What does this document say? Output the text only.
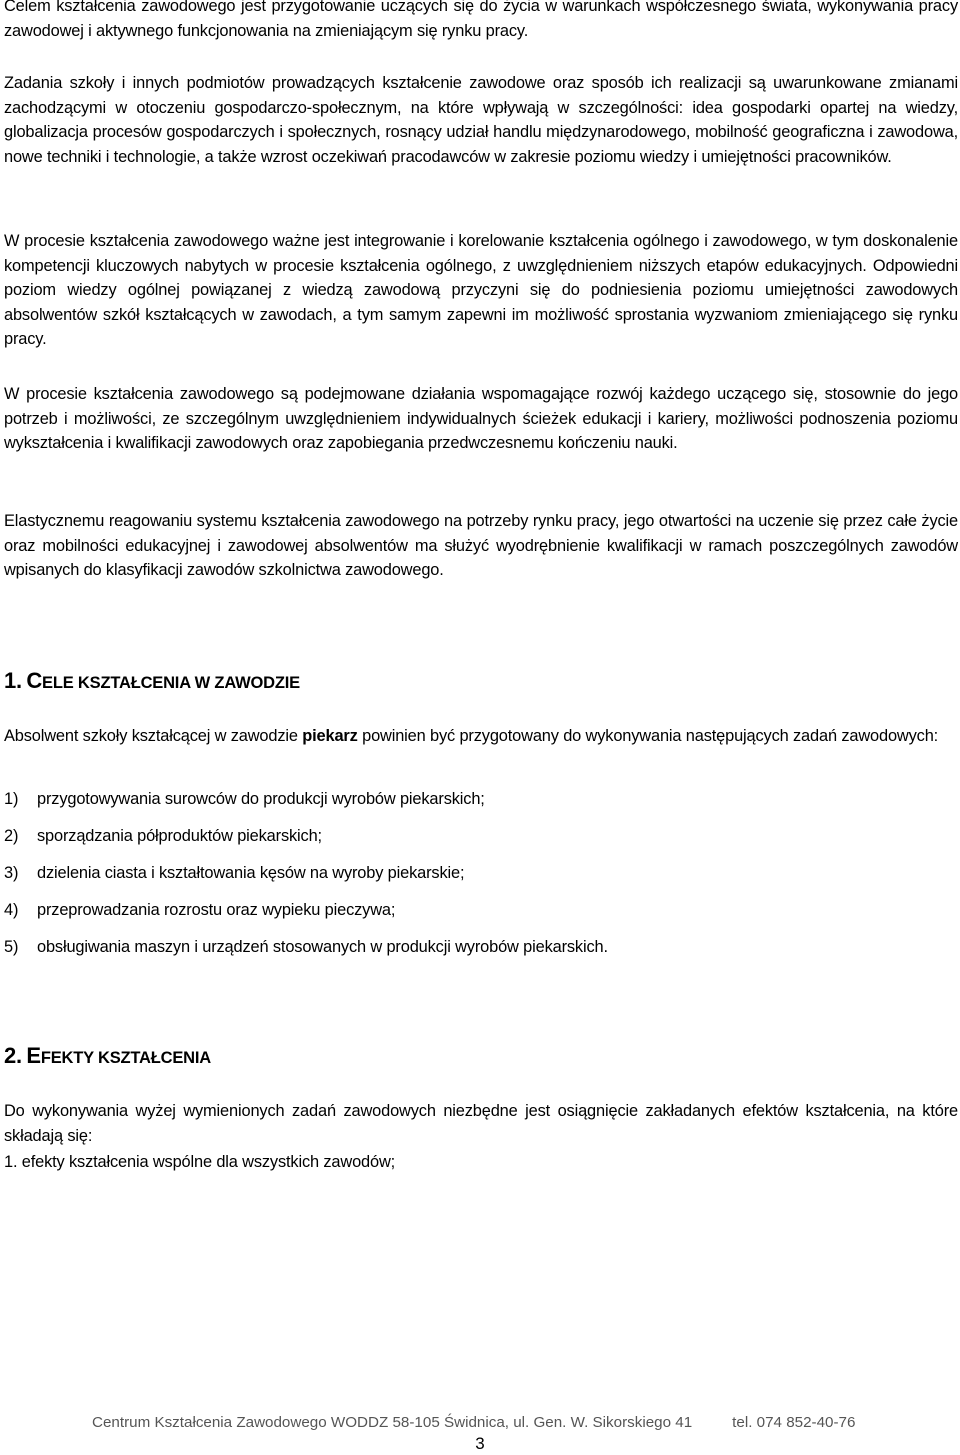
Celem kształcenia zawodowego jest przygotowanie uczących się do życia w warunkach współczesnego świata, wykonywania pracy zawodowej i aktywnego funkcjonowania na zmieniającym się rynku pracy.

Zadania szkoły i innych podmiotów prowadzących kształcenie zawodowe oraz sposób ich realizacji są uwarunkowane zmianami zachodzącymi w otoczeniu gospodarczo-społecznym, na które wpływają w szczególności: idea gospodarki opartej na wiedzy, globalizacja procesów gospodarczych i społecznych, rosnący udział handlu międzynarodowego, mobilność geograficzna i zawodowa, nowe techniki i technologie, a także wzrost oczekiwań pracodawców w zakresie poziomu wiedzy i umiejętności pracowników.

W procesie kształcenia zawodowego ważne jest integrowanie i korelowanie kształcenia ogólnego i zawodowego, w tym doskonalenie kompetencji kluczowych nabytych w procesie kształcenia ogólnego, z uwzględnieniem niższych etapów edukacyjnych. Odpowiedni poziom wiedzy ogólnej powiązanej z wiedzą zawodową przyczyni się do podniesienia poziomu umiejętności zawodowych absolwentów szkół kształcących w zawodach, a tym samym zapewni im możliwość sprostania wyzwaniom zmieniającego się rynku pracy.

W procesie kształcenia zawodowego są podejmowane działania wspomagające rozwój każdego uczącego się, stosownie do jego potrzeb i możliwości, ze szczególnym uwzględnieniem indywidualnych ścieżek edukacji i kariery, możliwości podnoszenia poziomu wykształcenia i kwalifikacji zawodowych oraz zapobiegania przedwczesnemu kończeniu nauki.

Elastycznemu reagowaniu systemu kształcenia zawodowego na potrzeby rynku pracy, jego otwartości na uczenie się przez całe życie oraz mobilności edukacyjnej i zawodowej absolwentów ma służyć wyodrębnienie kwalifikacji w ramach poszczególnych zawodów wpisanych do klasyfikacji zawodów szkolnictwa zawodowego.

1. CELE KSZTAŁCENIA W ZAWODZIE

Absolwent szkoły kształcącej w zawodzie piekarz powinien być przygotowany do wykonywania następujących zadań zawodowych:

1)	przygotowywania surowców do produkcji wyrobów piekarskich;
2)	sporządzania półproduktów piekarskich;
3)	dzielenia ciasta i kształtowania kęsów na wyroby piekarskie;
4)	przeprowadzania rozrostu oraz wypieku pieczywa;
5)	obsługiwania maszyn i urządzeń stosowanych w produkcji wyrobów piekarskich.
2. EFEKTY KSZTAŁCENIA

Do wykonywania wyżej wymienionych zadań zawodowych niezbędne jest osiągnięcie zakładanych efektów kształcenia, na które składają się:

1. efekty kształcenia wspólne dla wszystkich zawodów;

Centrum Kształcenia Zawodowego WODDZ 58-105 Świdnica, ul. Gen. W. Sikorskiego 41	tel. 074 852-40-76
3
